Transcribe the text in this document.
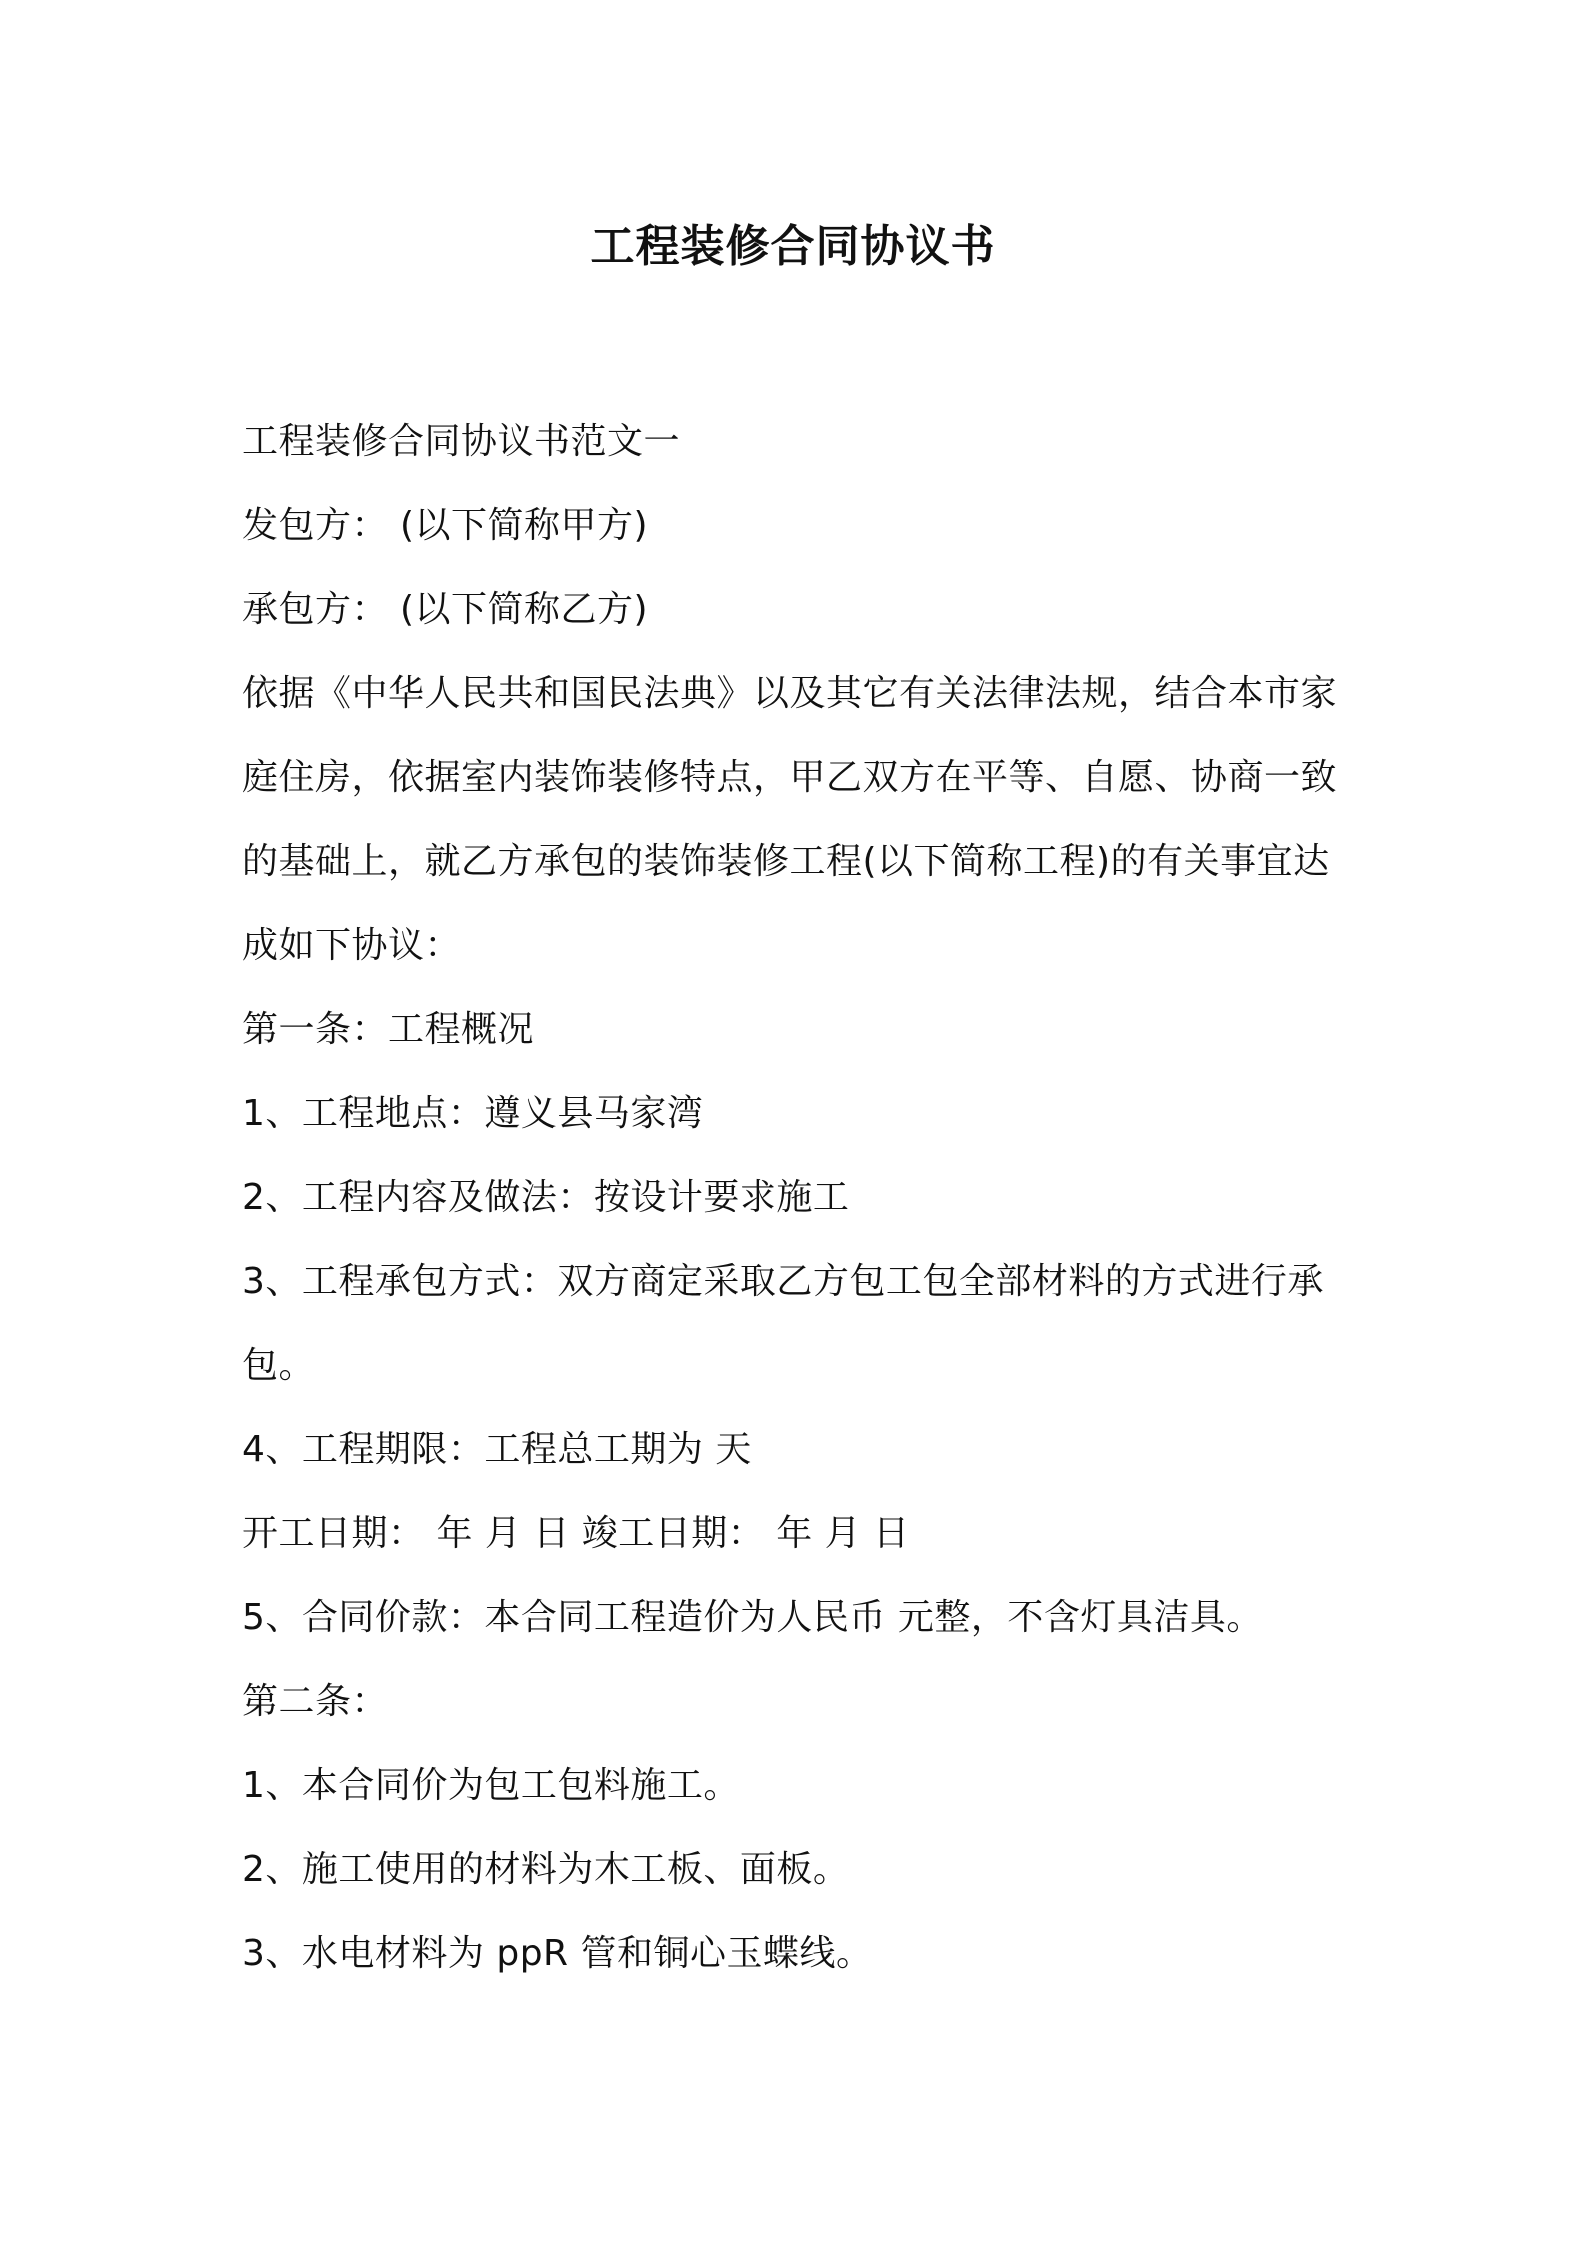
工程装修合同协议书
工程装修合同协议书范文一
发包方： (以下简称甲方)
承包方： (以下简称乙方)
依据《中华人民共和国民法典》以及其它有关法律法规，结合本市家
庭住房，依据室内装饰装修特点，甲乙双方在平等、自愿、协商一致
的基础上，就乙方承包的装饰装修工程(以下简称工程)的有关事宜达
成如下协议：
第一条：工程概况
1、工程地点：遵义县马家湾
2、工程内容及做法：按设计要求施工
3、工程承包方式：双方商定采取乙方包工包全部材料的方式进行承
包。
4、工程期限：工程总工期为 天
开工日期： 年 月 日 竣工日期： 年 月 日
5、合同价款：本合同工程造价为人民币 元整，不含灯具洁具。
第二条：
1、本合同价为包工包料施工。
2、施工使用的材料为木工板、面板。
3、水电材料为 ppR 管和铜心玉蝶线。
